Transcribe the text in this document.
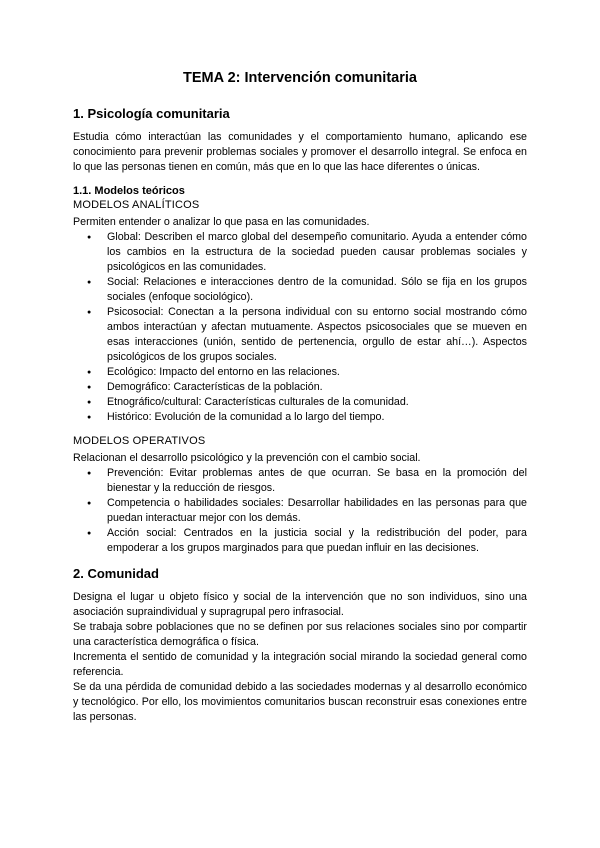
TEMA 2: Intervención comunitaria
1. Psicología comunitaria

Estudia cómo interactúan las comunidades y el comportamiento humano, aplicando ese conocimiento para prevenir problemas sociales y promover el desarrollo integral. Se enfoca en lo que las personas tienen en común, más que en lo que las hace diferentes o únicas.

1.1. Modelos teóricos
MODELOS ANALÍTICOS

Permiten entender o analizar lo que pasa en las comunidades.

● Global: Describen el marco global del desempeño comunitario. Ayuda a entender cómo los cambios en la estructura de la sociedad pueden causar problemas sociales y psicológicos en las comunidades.
● Social: Relaciones e interacciones dentro de la comunidad. Sólo se fija en los grupos sociales (enfoque sociológico).
● Psicosocial: Conectan a la persona individual con su entorno social mostrando cómo ambos interactúan y afectan mutuamente. Aspectos psicosociales que se mueven en esas interacciones (unión, sentido de pertenencia, orgullo de estar ahí…). Aspectos psicológicos de los grupos sociales.
● Ecológico: Impacto del entorno en las relaciones.
● Demográfico: Características de la población.
● Etnográfico/cultural: Características culturales de la comunidad.
● Histórico: Evolución de la comunidad a lo largo del tiempo.
MODELOS OPERATIVOS

Relacionan el desarrollo psicológico y la prevención con el cambio social.

● Prevención: Evitar problemas antes de que ocurran. Se basa en la promoción del bienestar y la reducción de riesgos.
● Competencia o habilidades sociales: Desarrollar habilidades en las personas para que puedan interactuar mejor con los demás.
● Acción social: Centrados en la justicia social y la redistribución del poder, para empoderar a los grupos marginados para que puedan influir en las decisiones.
2. Comunidad

Designa el lugar u objeto físico y social de la intervención que no son individuos, sino una asociación supraindividual y supragrupal pero infrasocial.

Se trabaja sobre poblaciones que no se definen por sus relaciones sociales sino por compartir una característica demográfica o física.

Incrementa el sentido de comunidad y la integración social mirando la sociedad general como referencia.

Se da una pérdida de comunidad debido a las sociedades modernas y al desarrollo económico y tecnológico. Por ello, los movimientos comunitarios buscan reconstruir esas conexiones entre las personas.
